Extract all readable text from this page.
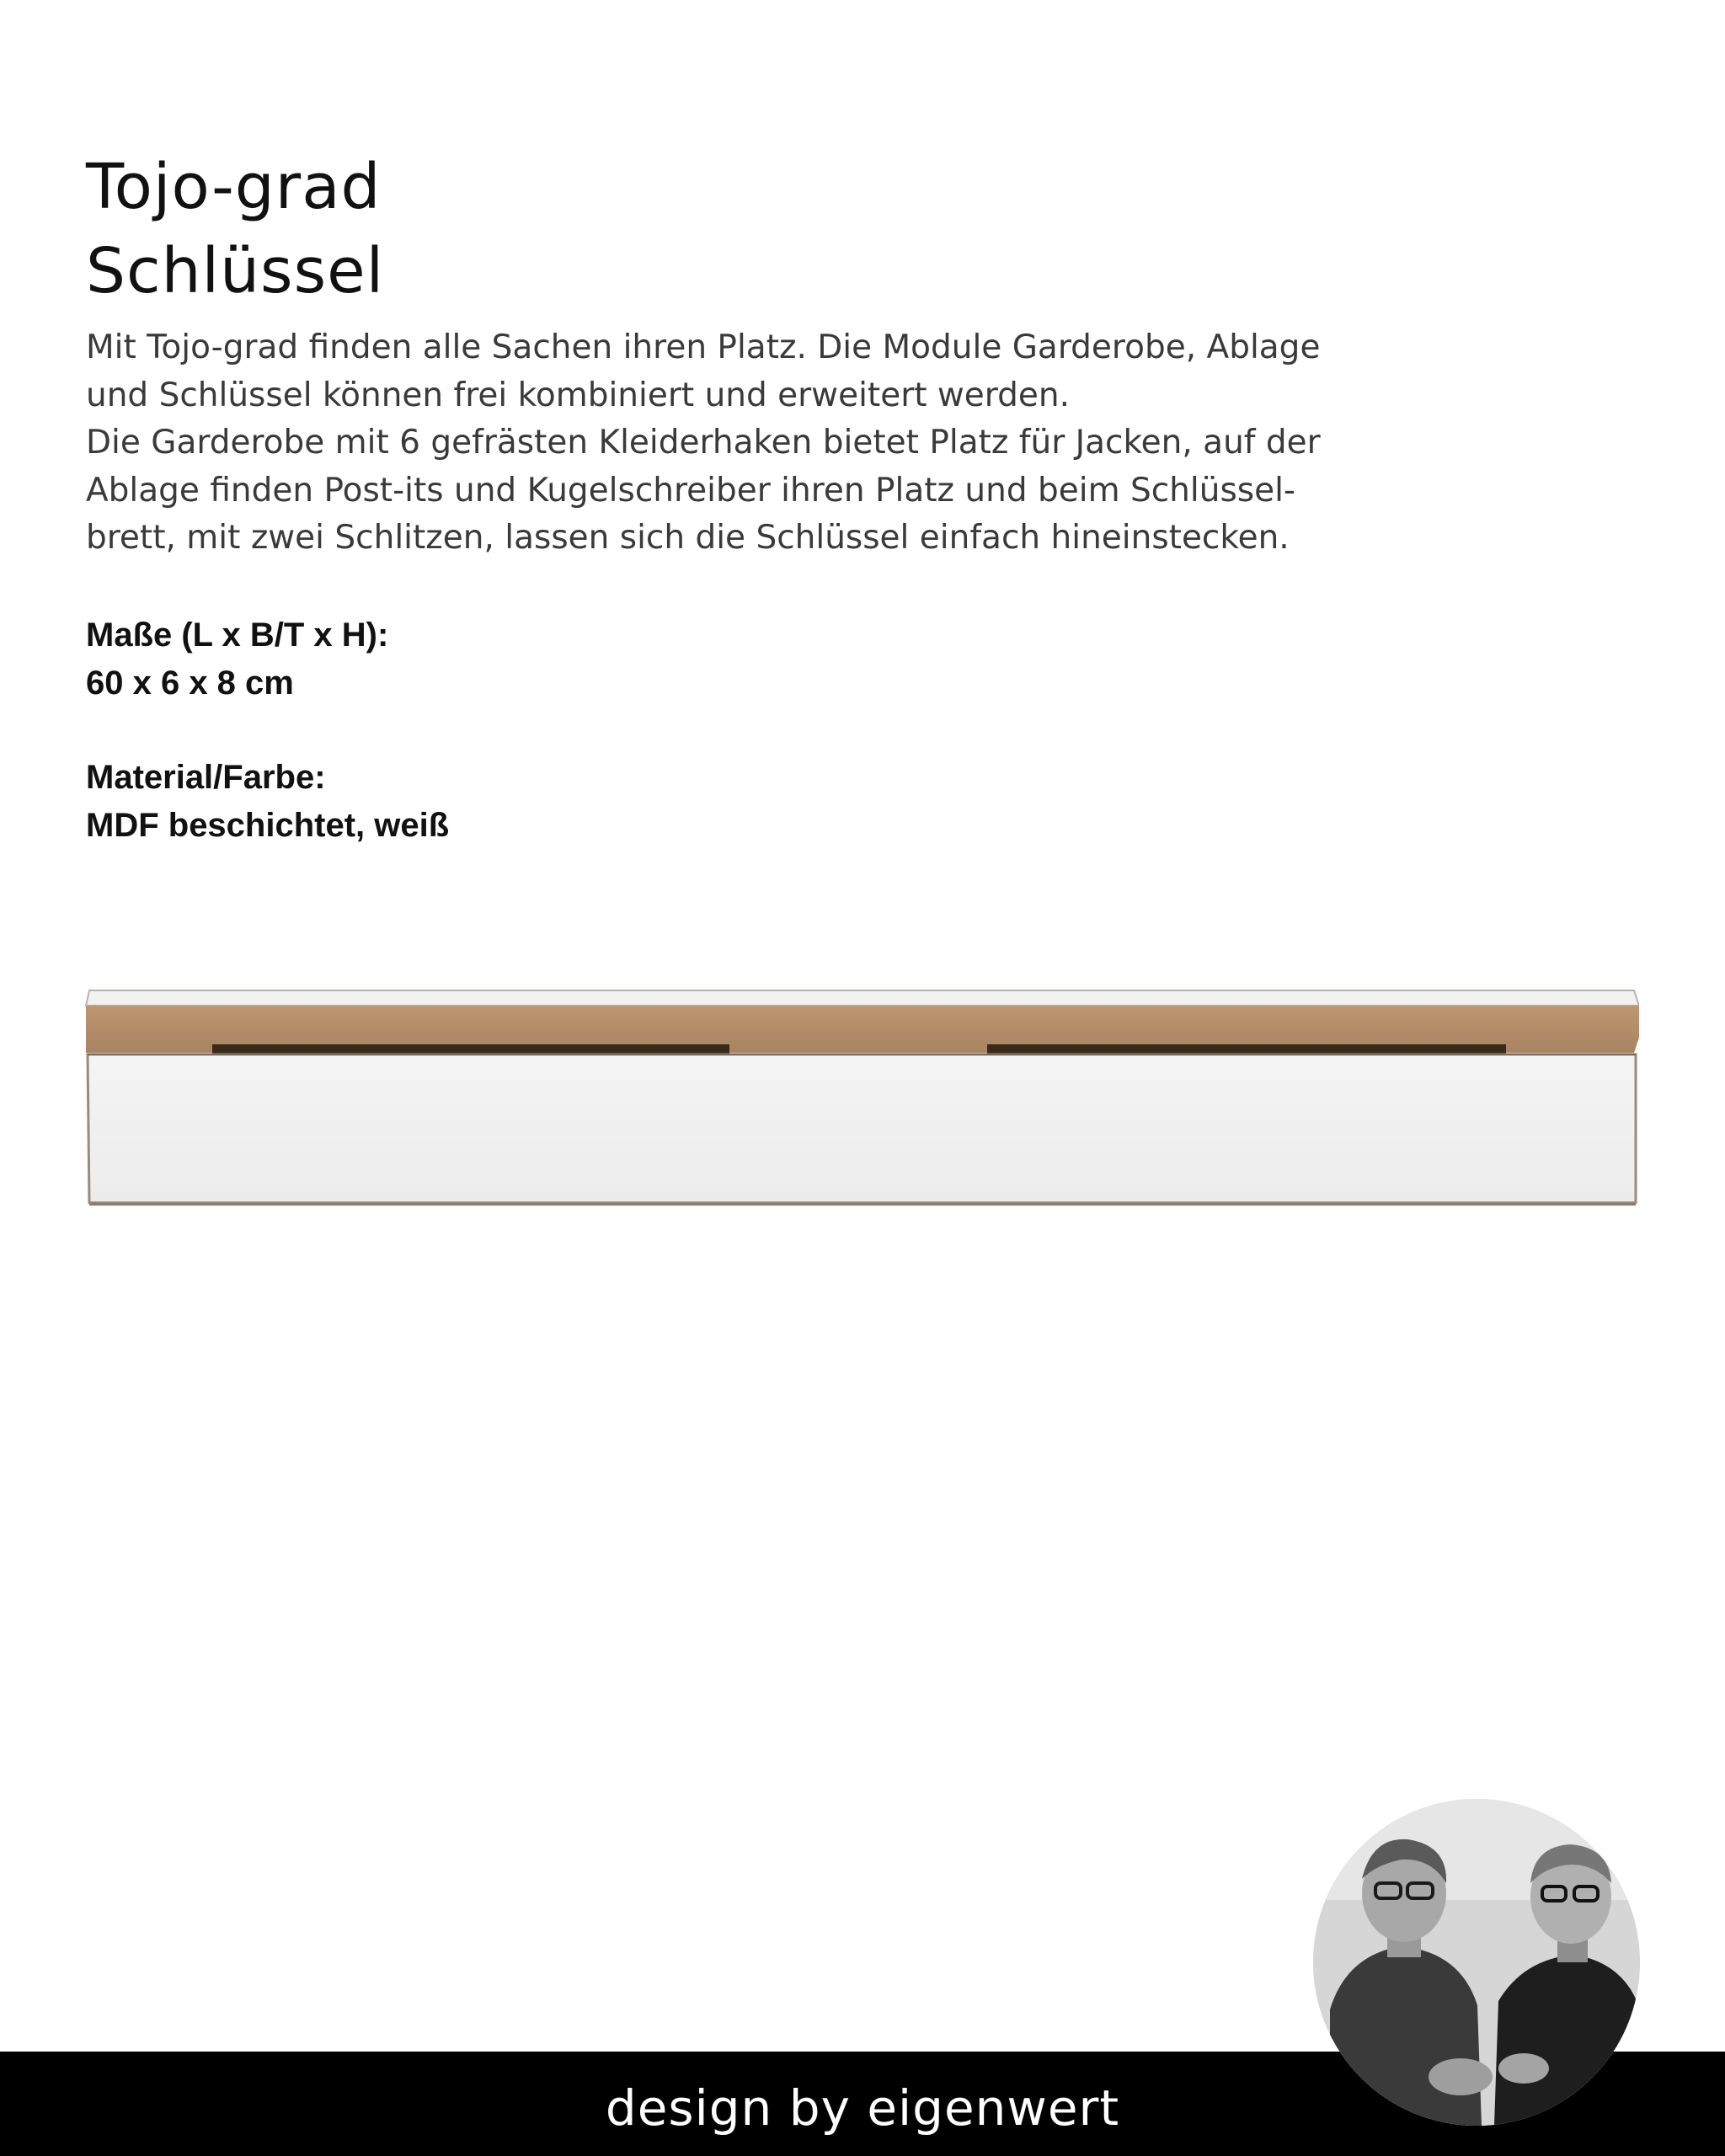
Tojo-grad
Schlüssel

Mit Tojo-grad finden alle Sachen ihren Platz. Die Module Garderobe, Ablage
und Schlüssel können frei kombiniert und erweitert werden.
Die Garderobe mit 6 gefrästen Kleiderhaken bietet Platz für Jacken, auf der
Ablage finden Post-its und Kugelschreiber ihren Platz und beim Schlüssel-
brett, mit zwei Schlitzen, lassen sich die Schlüssel einfach hineinstecken.

Maße (L x B/T x H):
60 x 6 x 8 cm
Material/Farbe:
MDF beschichtet, weiß
design by eigenwert
